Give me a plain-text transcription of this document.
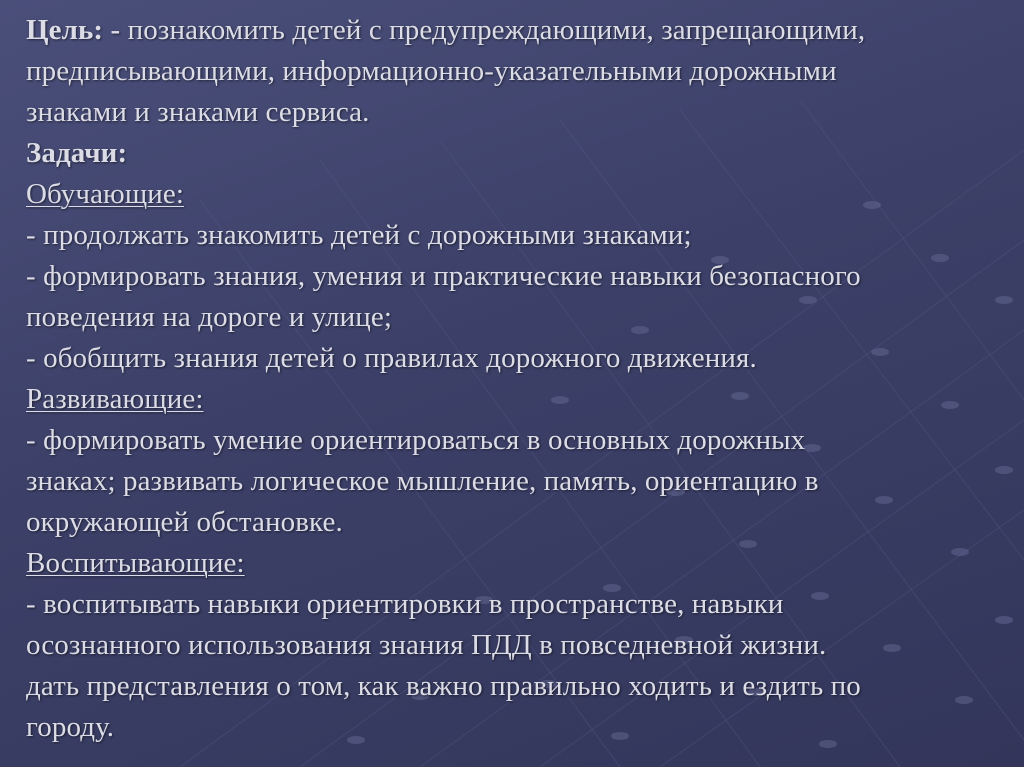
Цель: - познакомить детей с предупреждающими, запрещающими,
предписывающими, информационно-указательными дорожными
знаками и знаками сервиса.
Задачи:
Обучающие:
- продолжать знакомить детей с дорожными знаками;
- формировать знания, умения и практические навыки безопасного
поведения на дороге и улице;
- обобщить знания детей о правилах дорожного движения.
Развивающие:
- формировать умение ориентироваться в основных дорожных
знаках; развивать логическое мышление, память, ориентацию в
окружающей обстановке.
Воспитывающие:
- воспитывать навыки ориентировки в пространстве, навыки
осознанного использования знания ПДД в повседневной жизни.
дать представления о том, как важно правильно ходить и ездить по
городу.
